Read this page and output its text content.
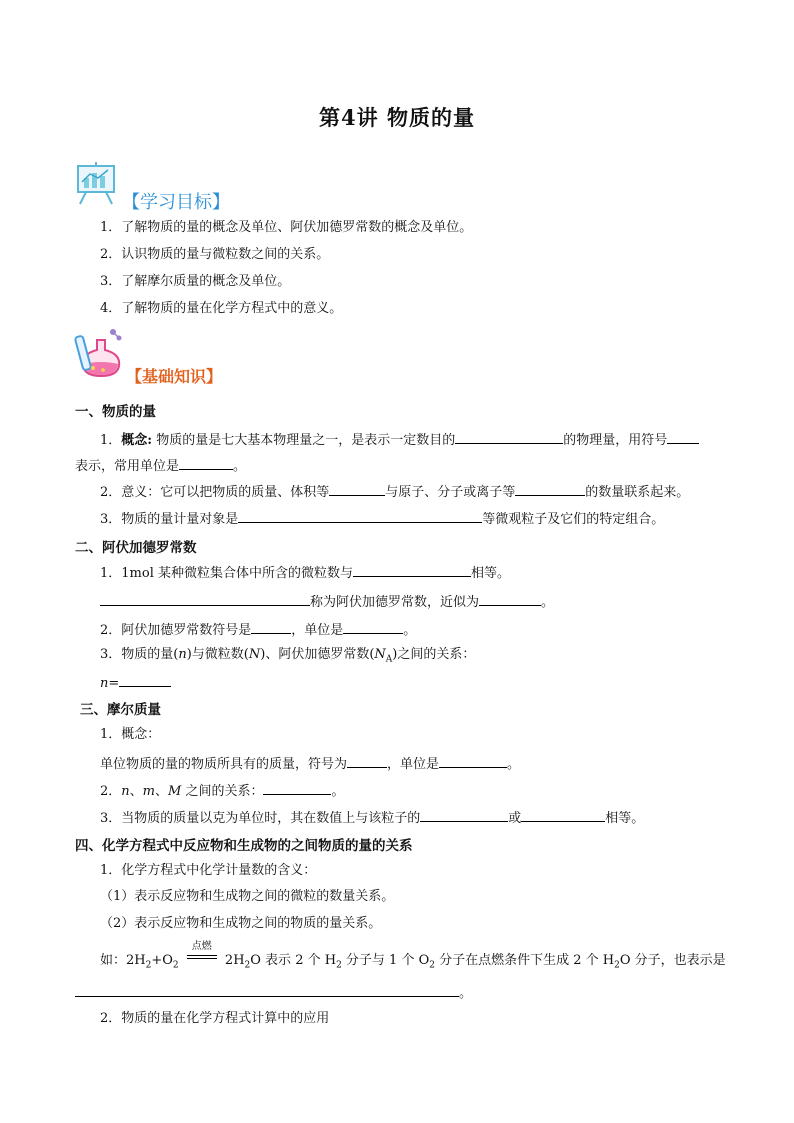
第4讲 物质的量
【学习目标】
1．了解物质的量的概念及单位、阿伏加德罗常数的概念及单位。
2．认识物质的量与微粒数之间的关系。
3．了解摩尔质量的概念及单位。
4．了解物质的量在化学方程式中的意义。
【基础知识】
一、物质的量
1．概念: 物质的量是七大基本物理量之一，是表示一定数目的	的物理量，用符号
表示，常用单位是	。
2．意义：它可以把物质的质量、体积等	与原子、分子或离子等	的数量联系起来。
3．物质的量计量对象是	等微观粒子及它们的特定组合。
二、阿伏加德罗常数
1．1mol 某种微粒集合体中所含的微粒数与	相等。
称为阿伏加德罗常数，近似为	。
2．阿伏加德罗常数符号是	，单位是	。
3．物质的量(n)与微粒数(N)、阿伏加德罗常数$(N_A)$之间的关系：
n=
三、摩尔质量
1．概念：
单位物质的量的物质所具有的质量，符号为	，单位是	。
2．n、m、M 之间的关系：	。
3．当物质的质量以克为单位时，其在数值上与该粒子的	或	相等。
四、化学方程式中反应物和生成物的之间物质的量的关系
1．化学方程式中化学计量数的含义：
（1）表示反应物和生成物之间的微粒的数量关系。
（2）表示反应物和生成物之间的物质的量关系。
如：$2H_2+O_2$
点燃
$2H_2O$ 表示 2 个 $H_2$ 分子与 1 个 $O_2$ 分子在点燃条件下生成 2 个 $H_2O$ 分子，也表示是
。
2．物质的量在化学方程式计算中的应用
